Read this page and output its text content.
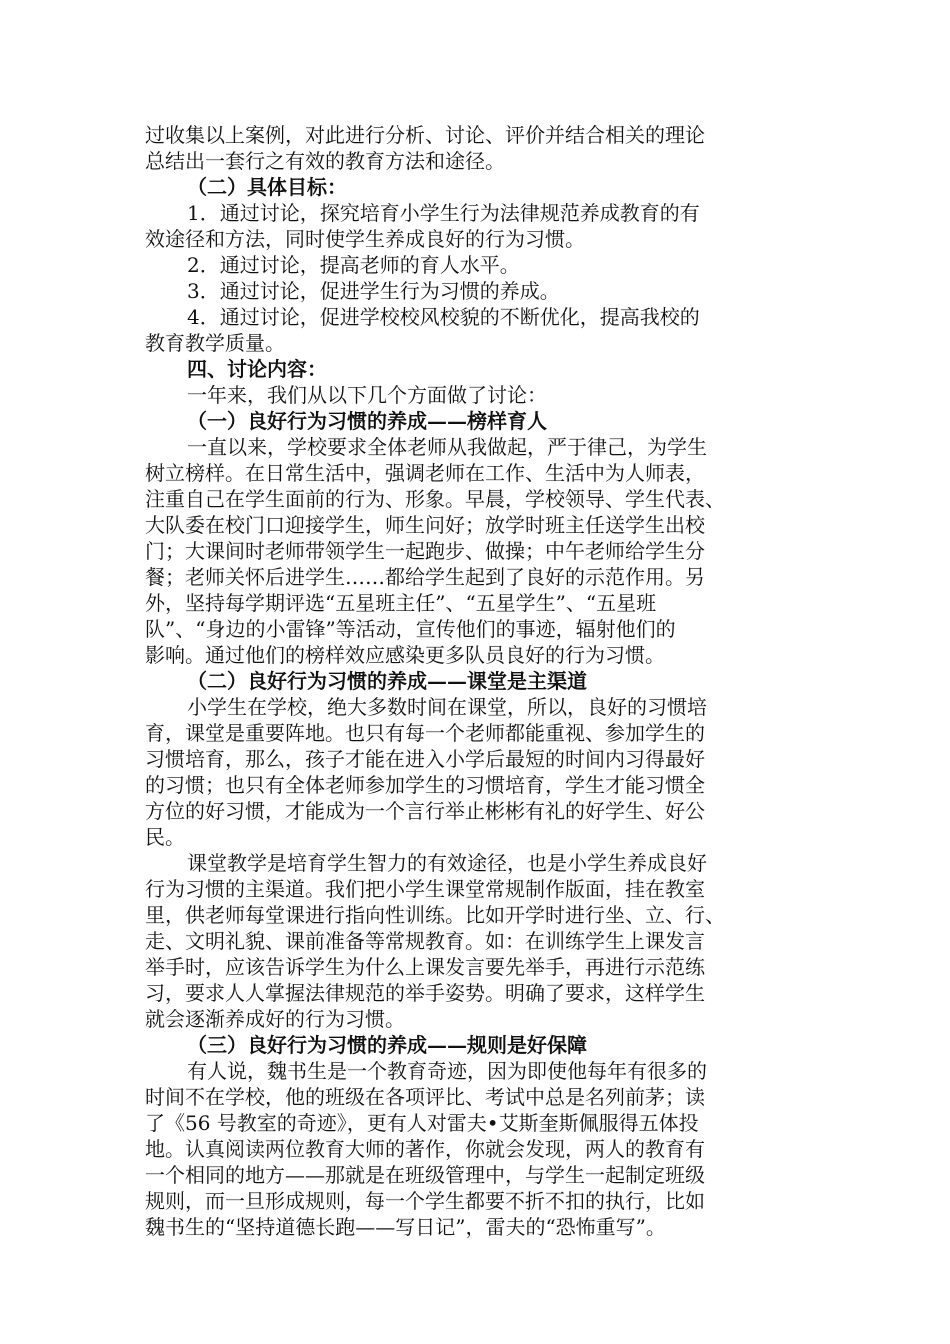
过收集以上案例，对此进行分析、讨论、评价并结合相关的理论
总结出一套行之有效的教育方法和途径。
（二）具体目标：
1．通过讨论，探究培育小学生行为法律规范养成教育的有
效途径和方法，同时使学生养成良好的行为习惯。
2．通过讨论，提高老师的育人水平。
3．通过讨论，促进学生行为习惯的养成。
4．通过讨论，促进学校校风校貌的不断优化，提高我校的
教育教学质量。
四、讨论内容：
一年来，我们从以下几个方面做了讨论：
（一）良好行为习惯的养成——榜样育人
一直以来，学校要求全体老师从我做起，严于律己，为学生
树立榜样。在日常生活中，强调老师在工作、生活中为人师表，
注重自己在学生面前的行为、形象。早晨，学校领导、学生代表、
大队委在校门口迎接学生，师生问好；放学时班主任送学生出校
门；大课间时老师带领学生一起跑步、做操；中午老师给学生分
餐；老师关怀后进学生……都给学生起到了良好的示范作用。另
外，坚持每学期评选“五星班主任”、“五星学生”、“五星班
队”、“身边的小雷锋”等活动，宣传他们的事迹，辐射他们的
影响。通过他们的榜样效应感染更多队员良好的行为习惯。
（二）良好行为习惯的养成——课堂是主渠道
小学生在学校，绝大多数时间在课堂，所以，良好的习惯培
育，课堂是重要阵地。也只有每一个老师都能重视、参加学生的
习惯培育，那么，孩子才能在进入小学后最短的时间内习得最好
的习惯；也只有全体老师参加学生的习惯培育，学生才能习惯全
方位的好习惯，才能成为一个言行举止彬彬有礼的好学生、好公
民。
课堂教学是培育学生智力的有效途径，也是小学生养成良好
行为习惯的主渠道。我们把小学生课堂常规制作版面，挂在教室
里，供老师每堂课进行指向性训练。比如开学时进行坐、立、行、
走、文明礼貌、课前准备等常规教育。如：在训练学生上课发言
举手时，应该告诉学生为什么上课发言要先举手，再进行示范练
习，要求人人掌握法律规范的举手姿势。明确了要求，这样学生
就会逐渐养成好的行为习惯。
（三）良好行为习惯的养成——规则是好保障
有人说，魏书生是一个教育奇迹，因为即使他每年有很多的
时间不在学校，他的班级在各项评比、考试中总是名列前茅；读
了《56 号教室的奇迹》，更有人对雷夫•艾斯奎斯佩服得五体投
地。认真阅读两位教育大师的著作，你就会发现，两人的教育有
一个相同的地方——那就是在班级管理中，与学生一起制定班级
规则，而一旦形成规则，每一个学生都要不折不扣的执行，比如
魏书生的“坚持道德长跑——写日记”，雷夫的“恐怖重写”。
